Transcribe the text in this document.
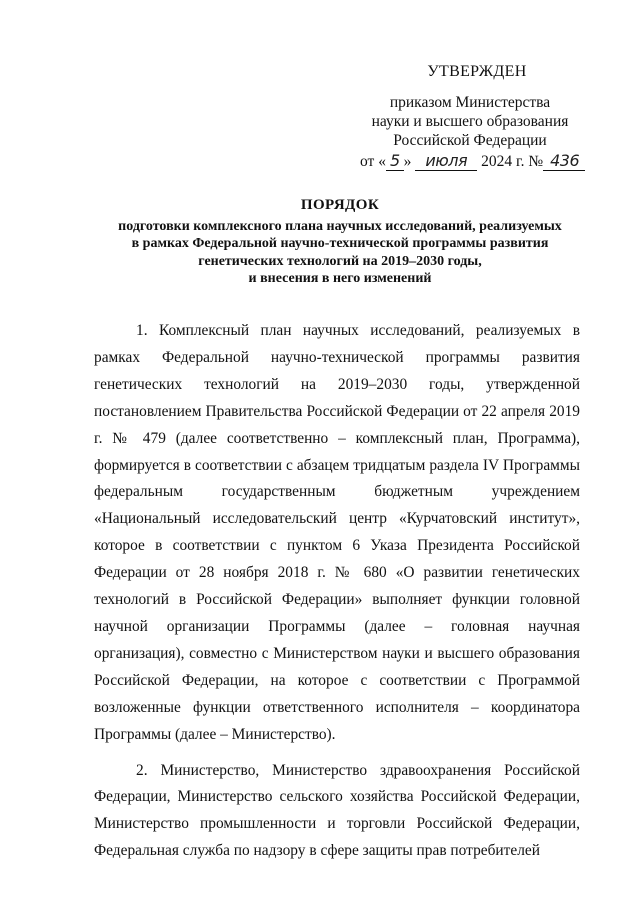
УТВЕРЖДЕН
приказом Министерства
науки и высшего образования
Российской Федерации
от « 5 » июля 2024 г. № 436
ПОРЯДОК
подготовки комплексного плана научных исследований, реализуемых
в рамках Федеральной научно-технической программы развития
генетических технологий на 2019–2030 годы,
и внесения в него изменений

1. Комплексный план научных исследований, реализуемых в рамках Федеральной научно-технической программы развития генетических технологий на 2019–2030 годы, утвержденной постановлением Правительства Российской Федерации от 22 апреля 2019 г. № 479 (далее соответственно – комплексный план, Программа), формируется в соответствии с абзацем тридцатым раздела IV Программы федеральным государственным бюджетным учреждением «Национальный исследовательский центр «Курчатовский институт», которое в соответствии с пунктом 6 Указа Президента Российской Федерации от 28 ноября 2018 г. № 680 «О развитии генетических технологий в Российской Федерации» выполняет функции головной научной организации Программы (далее – головная научная организация), совместно с Министерством науки и высшего образования Российской Федерации, на которое с соответствии с Программой возложенные функции ответственного исполнителя – координатора Программы (далее – Министерство).

2. Министерство, Министерство здравоохранения Российской Федерации, Министерство сельского хозяйства Российской Федерации, Министерство промышленности и торговли Российской Федерации, Федеральная служба по надзору в сфере защиты прав потребителей
